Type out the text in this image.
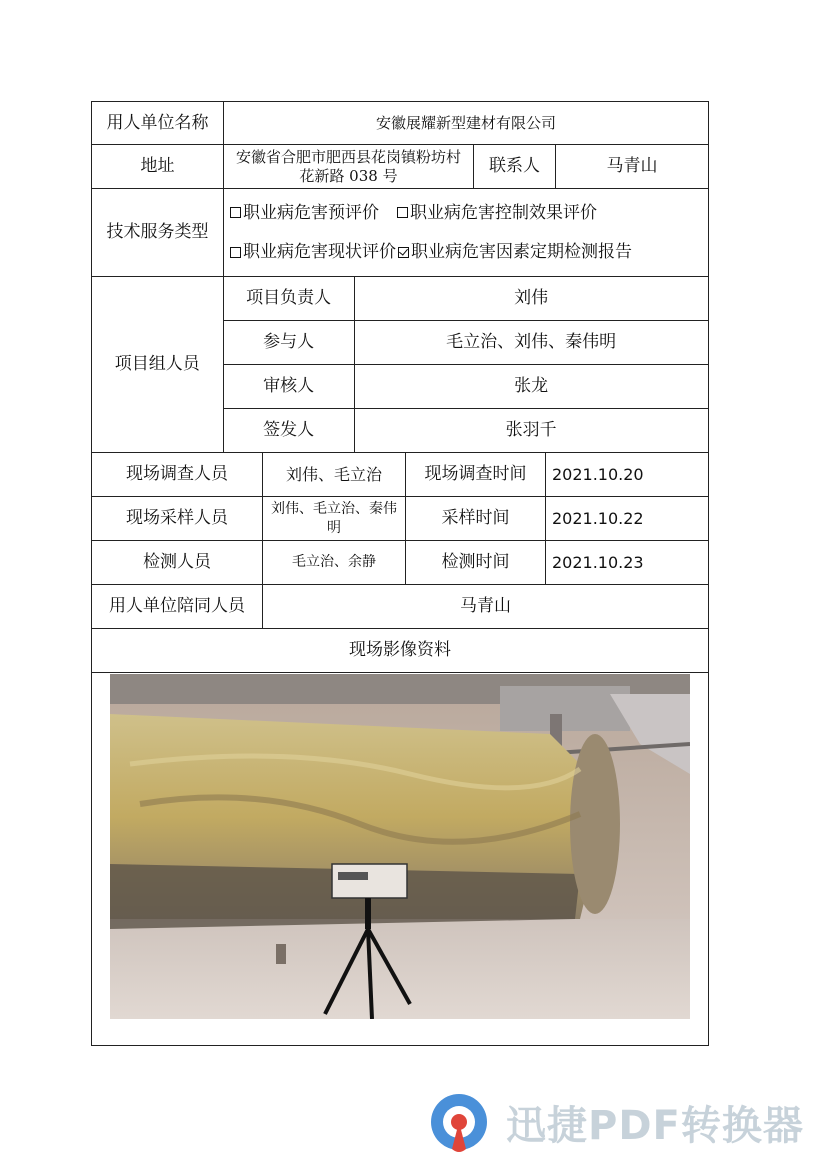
用人单位名称	安徽展耀新型建材有限公司
地址	安徽省合肥市肥西县花岗镇粉坊村花新路 038 号	联系人	马青山
技术服务类型
职业病危害预评价 职业病危害控制效果评价
职业病危害现状评价 职业病危害因素定期检测报告
项目组人员
项目负责人	刘伟
参与人	毛立治、刘伟、秦伟明
审核人	张龙
签发人	张羽千
现场调查人员	刘伟、毛立治	现场调查时间	2021.10.20
现场采样人员	刘伟、毛立治、秦伟明	采样时间	2021.10.22
检测人员	毛立治、余静	检测时间	2021.10.23
用人单位陪同人员	马青山
现场影像资料
迅捷PDF转换器
